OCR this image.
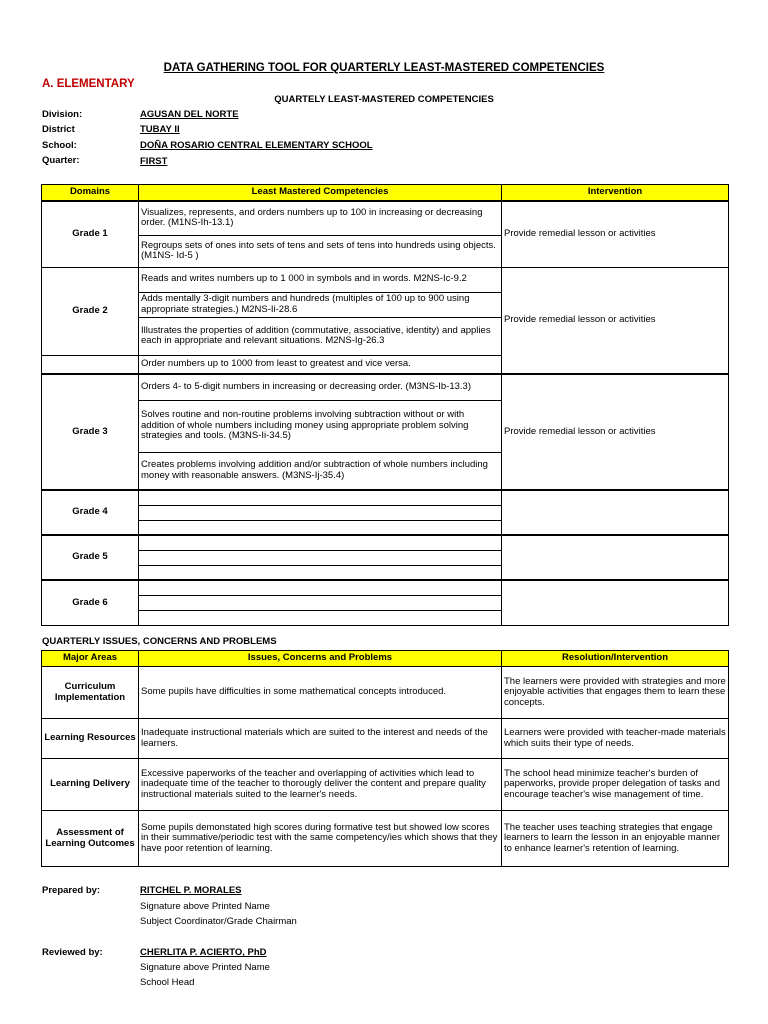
DATA GATHERING TOOL FOR QUARTERLY LEAST-MASTERED COMPETENCIES
A. ELEMENTARY
QUARTELY LEAST-MASTERED COMPETENCIES
Division:	AGUSAN DEL NORTE
District	TUBAY II
School:	DOÑA ROSARIO CENTRAL ELEMENTARY SCHOOL
Quarter:	FIRST
Domains	Least Mastered Competencies	Intervention
Grade 1	Visualizes, represents, and orders numbers up to 100 in increasing or decreasing order. (M1NS-Ih-13.1)	Provide remedial lesson or activities
	Regroups sets of ones into sets of tens and sets of tens into hundreds using objects. (M1NS- Id-5 )	
Grade 2	Reads and writes numbers up to 1 000 in symbols and in words. M2NS-Ic-9.2	Provide remedial lesson or activities
	Adds mentally 3-digit numbers and hundreds (multiples of 100 up to 900 using appropriate strategies.) M2NS-Ii-28.6	
	Illustrates the properties of addition (commutative, associative, identity) and applies each in appropriate and relevant situations. M2NS-Ig-26.3	
	Order numbers up to 1000 from least to greatest and vice versa.	
Grade 3	Orders 4- to 5-digit numbers in increasing or decreasing order. (M3NS-Ib-13.3)	Provide remedial lesson or activities
	Solves routine and non-routine problems involving subtraction without or with addition of whole numbers including money using appropriate problem solving strategies and tools. (M3NS-Ii-34.5)	
	Creates problems involving addition and/or subtraction of whole numbers including money with reasonable answers. (M3NS-Ij-35.4)	
Grade 4		

Grade 5		

Grade 6		

QUARTERLY ISSUES, CONCERNS AND PROBLEMS
Major Areas	Issues, Concerns and Problems	Resolution/Intervention
Curriculum Implementation	Some pupils have difficulties in some mathematical concepts introduced.	The learners were provided with strategies and more enjoyable activities that engages them to learn these concepts.
Learning Resources	Inadequate instructional materials which are suited to the interest and needs of the learners.	Learners were provided with teacher-made materials which suits their type of needs.
Learning Delivery	Excessive paperworks of the teacher and overlapping of activities which lead to inadequate time of the teacher to thorougly deliver the content and prepare quality instructional materials suited to the learner's needs.	The school head minimize teacher's burden of paperworks, provide proper delegation of tasks and encourage teacher's wise management of time.
Assessment of Learning Outcomes	Some pupils demonstated high scores during formative test but showed low scores in their summative/periodic test with the same competency/ies which shows that they have poor retention of learning.	The teacher uses teaching strategies that engage learners to learn the lesson in an enjoyable manner to enhance learner's retention of learning.
Prepared by:	RITCHEL P. MORALES
Signature above Printed Name
Subject Coordinator/Grade Chairman
Reviewed by:	CHERLITA P. ACIERTO, PhD
Signature above Printed Name
School Head
